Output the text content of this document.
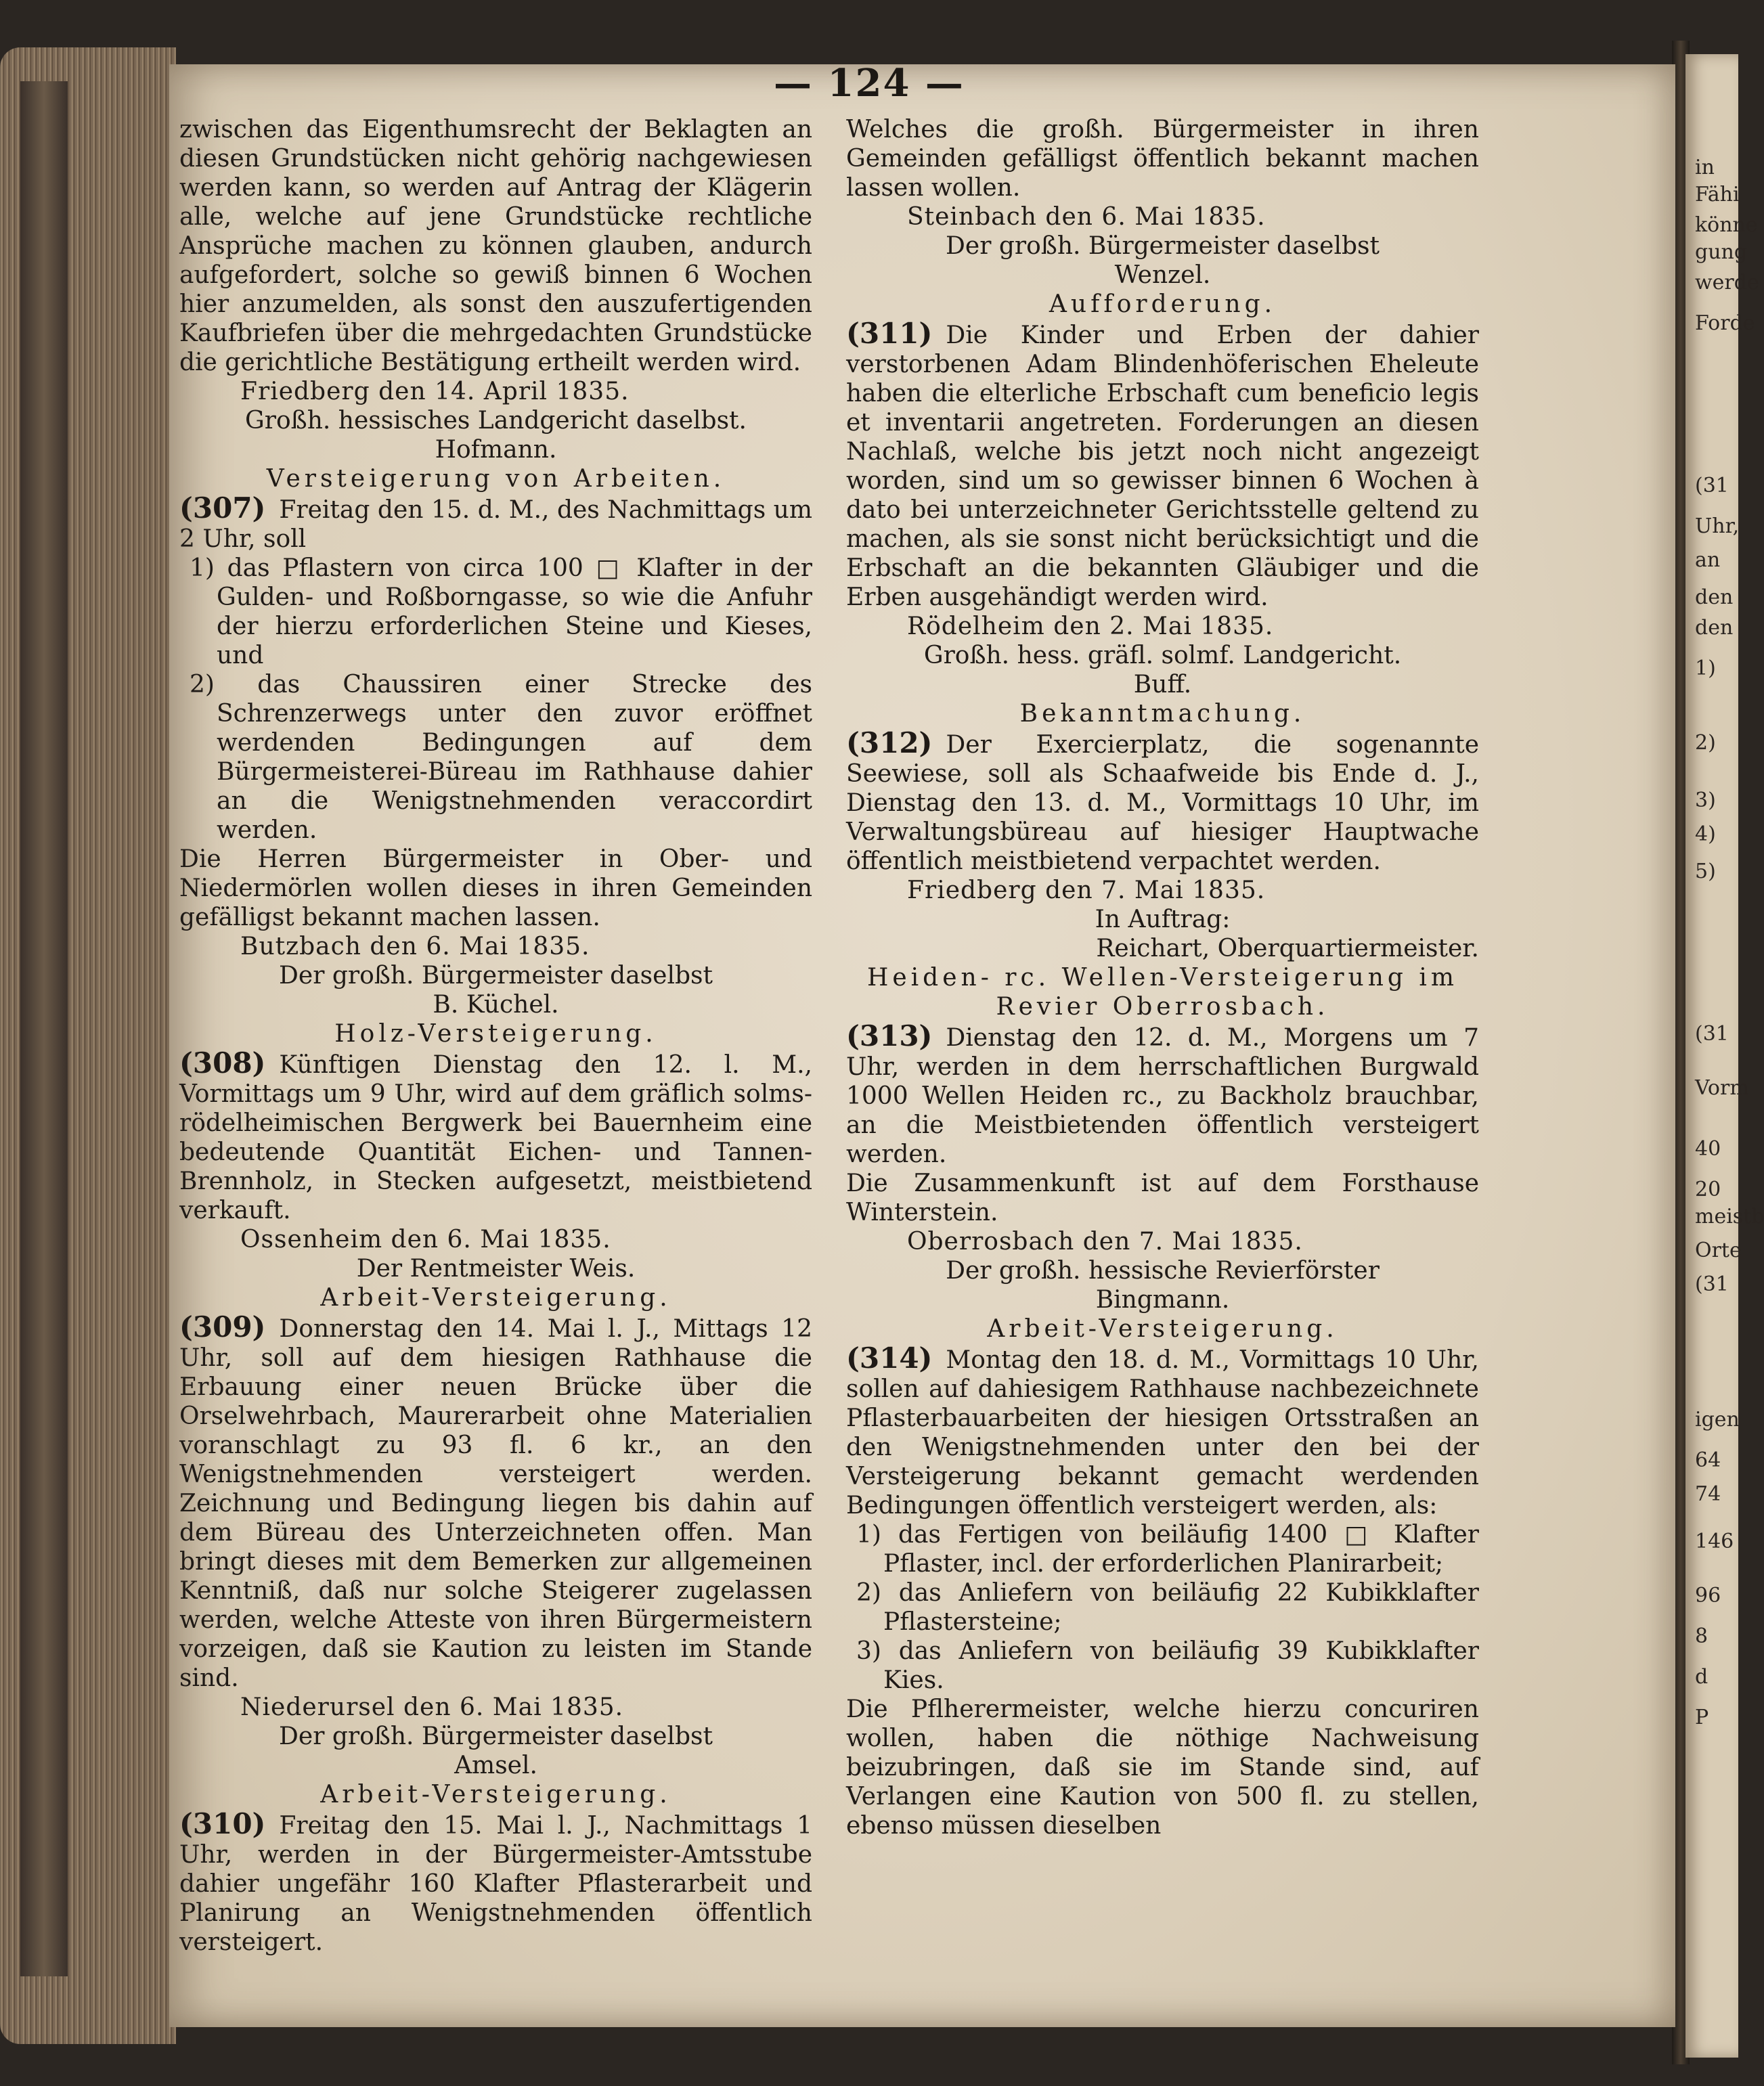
in
Fähi
könne
gung
werde
Forde
(31
Uhr,
an
den
den
1)
2)
3)
4)
5)
(31
Vorm
40
20
meistb
Orte
(31
igen
64
74
146
96
8
d
P
— 124 —
zwischen das Eigenthumsrecht der Beklagten an diesen Grundstücken nicht gehörig nachgewiesen werden kann, so werden auf Antrag der Klägerin alle, welche auf jene Grundstücke rechtliche Ansprüche machen zu können glauben, andurch aufgefordert, solche so gewiß binnen 6 Wochen hier anzumelden, als sonst den auszufertigenden Kaufbriefen über die mehrgedachten Grundstücke die gerichtliche Bestätigung ertheilt werden wird.
Friedberg den 14. April 1835.
Großh. hessisches Landgericht daselbst.
Hofmann.
Versteigerung von Arbeiten.
(307) Freitag den 15. d. M., des Nachmittags um 2 Uhr, soll
1) das Pflastern von circa 100 □ Klafter in der Gulden- und Roßborngasse, so wie die Anfuhr der hierzu erforderlichen Steine und Kieses, und
2) das Chaussiren einer Strecke des Schrenzerwegs unter den zuvor eröffnet werdenden Bedingungen auf dem Bürgermeisterei-Büreau im Rathhause dahier an die Wenigstnehmenden veraccordirt werden.
Die Herren Bürgermeister in Ober- und Niedermörlen wollen dieses in ihren Gemeinden gefälligst bekannt machen lassen.
Butzbach den 6. Mai 1835.
Der großh. Bürgermeister daselbst
B. Küchel.
Holz-Versteigerung.
(308) Künftigen Dienstag den 12. l. M., Vormittags um 9 Uhr, wird auf dem gräflich solms-rödelheimischen Bergwerk bei Bauernheim eine bedeutende Quantität Eichen- und Tannen-Brennholz, in Stecken aufgesetzt, meistbietend verkauft.
Ossenheim den 6. Mai 1835.
Der Rentmeister Weis.
Arbeit-Versteigerung.
(309) Donnerstag den 14. Mai l. J., Mittags 12 Uhr, soll auf dem hiesigen Rathhause die Erbauung einer neuen Brücke über die Orselwehrbach, Maurerarbeit ohne Materialien voranschlagt zu 93 fl. 6 kr., an den Wenigstnehmenden versteigert werden. Zeichnung und Bedingung liegen bis dahin auf dem Büreau des Unterzeichneten offen. Man bringt dieses mit dem Bemerken zur allgemeinen Kenntniß, daß nur solche Steigerer zugelassen werden, welche Atteste von ihren Bürgermeistern vorzeigen, daß sie Kaution zu leisten im Stande sind.
Niederursel den 6. Mai 1835.
Der großh. Bürgermeister daselbst
Amsel.
Arbeit-Versteigerung.
(310) Freitag den 15. Mai l. J., Nachmittags 1 Uhr, werden in der Bürgermeister-Amtsstube dahier ungefähr 160 Klafter Pflasterarbeit und Planirung an Wenigstnehmenden öffentlich versteigert.
Welches die großh. Bürgermeister in ihren Gemeinden gefälligst öffentlich bekannt machen lassen wollen.
Steinbach den 6. Mai 1835.
Der großh. Bürgermeister daselbst
Wenzel.
Aufforderung.
(311) Die Kinder und Erben der dahier verstorbenen Adam Blindenhöferischen Eheleute haben die elterliche Erbschaft cum beneficio legis et inventarii angetreten. Forderungen an diesen Nachlaß, welche bis jetzt noch nicht angezeigt worden, sind um so gewisser binnen 6 Wochen à dato bei unterzeichneter Gerichtsstelle geltend zu machen, als sie sonst nicht berücksichtigt und die Erbschaft an die bekannten Gläubiger und die Erben ausgehändigt werden wird.
Rödelheim den 2. Mai 1835.
Großh. hess. gräfl. solmf. Landgericht.
Buff.
Bekanntmachung.
(312) Der Exercierplatz, die sogenannte Seewiese, soll als Schaafweide bis Ende d. J., Dienstag den 13. d. M., Vormittags 10 Uhr, im Verwaltungsbüreau auf hiesiger Hauptwache öffentlich meistbietend verpachtet werden.
Friedberg den 7. Mai 1835.
In Auftrag:
Reichart, Oberquartiermeister.
Heiden- rc. Wellen-Versteigerung im Revier Oberrosbach.
(313) Dienstag den 12. d. M., Morgens um 7 Uhr, werden in dem herrschaftlichen Burgwald 1000 Wellen Heiden rc., zu Backholz brauchbar, an die Meistbietenden öffentlich versteigert werden.
Die Zusammenkunft ist auf dem Forsthause Winterstein.
Oberrosbach den 7. Mai 1835.
Der großh. hessische Revierförster
Bingmann.
Arbeit-Versteigerung.
(314) Montag den 18. d. M., Vormittags 10 Uhr, sollen auf dahiesigem Rathhause nachbezeichnete Pflasterbauarbeiten der hiesigen Ortsstraßen an den Wenigstnehmenden unter den bei der Versteigerung bekannt gemacht werdenden Bedingungen öffentlich versteigert werden, als:
1) das Fertigen von beiläufig 1400 □ Klafter Pflaster, incl. der erforderlichen Planirarbeit;
2) das Anliefern von beiläufig 22 Kubikklafter Pflastersteine;
3) das Anliefern von beiläufig 39 Kubikklafter Kies.
Die Pflherermeister, welche hierzu concuriren wollen, haben die nöthige Nachweisung beizubringen, daß sie im Stande sind, auf Verlangen eine Kaution von 500 fl. zu stellen, ebenso müssen dieselben
